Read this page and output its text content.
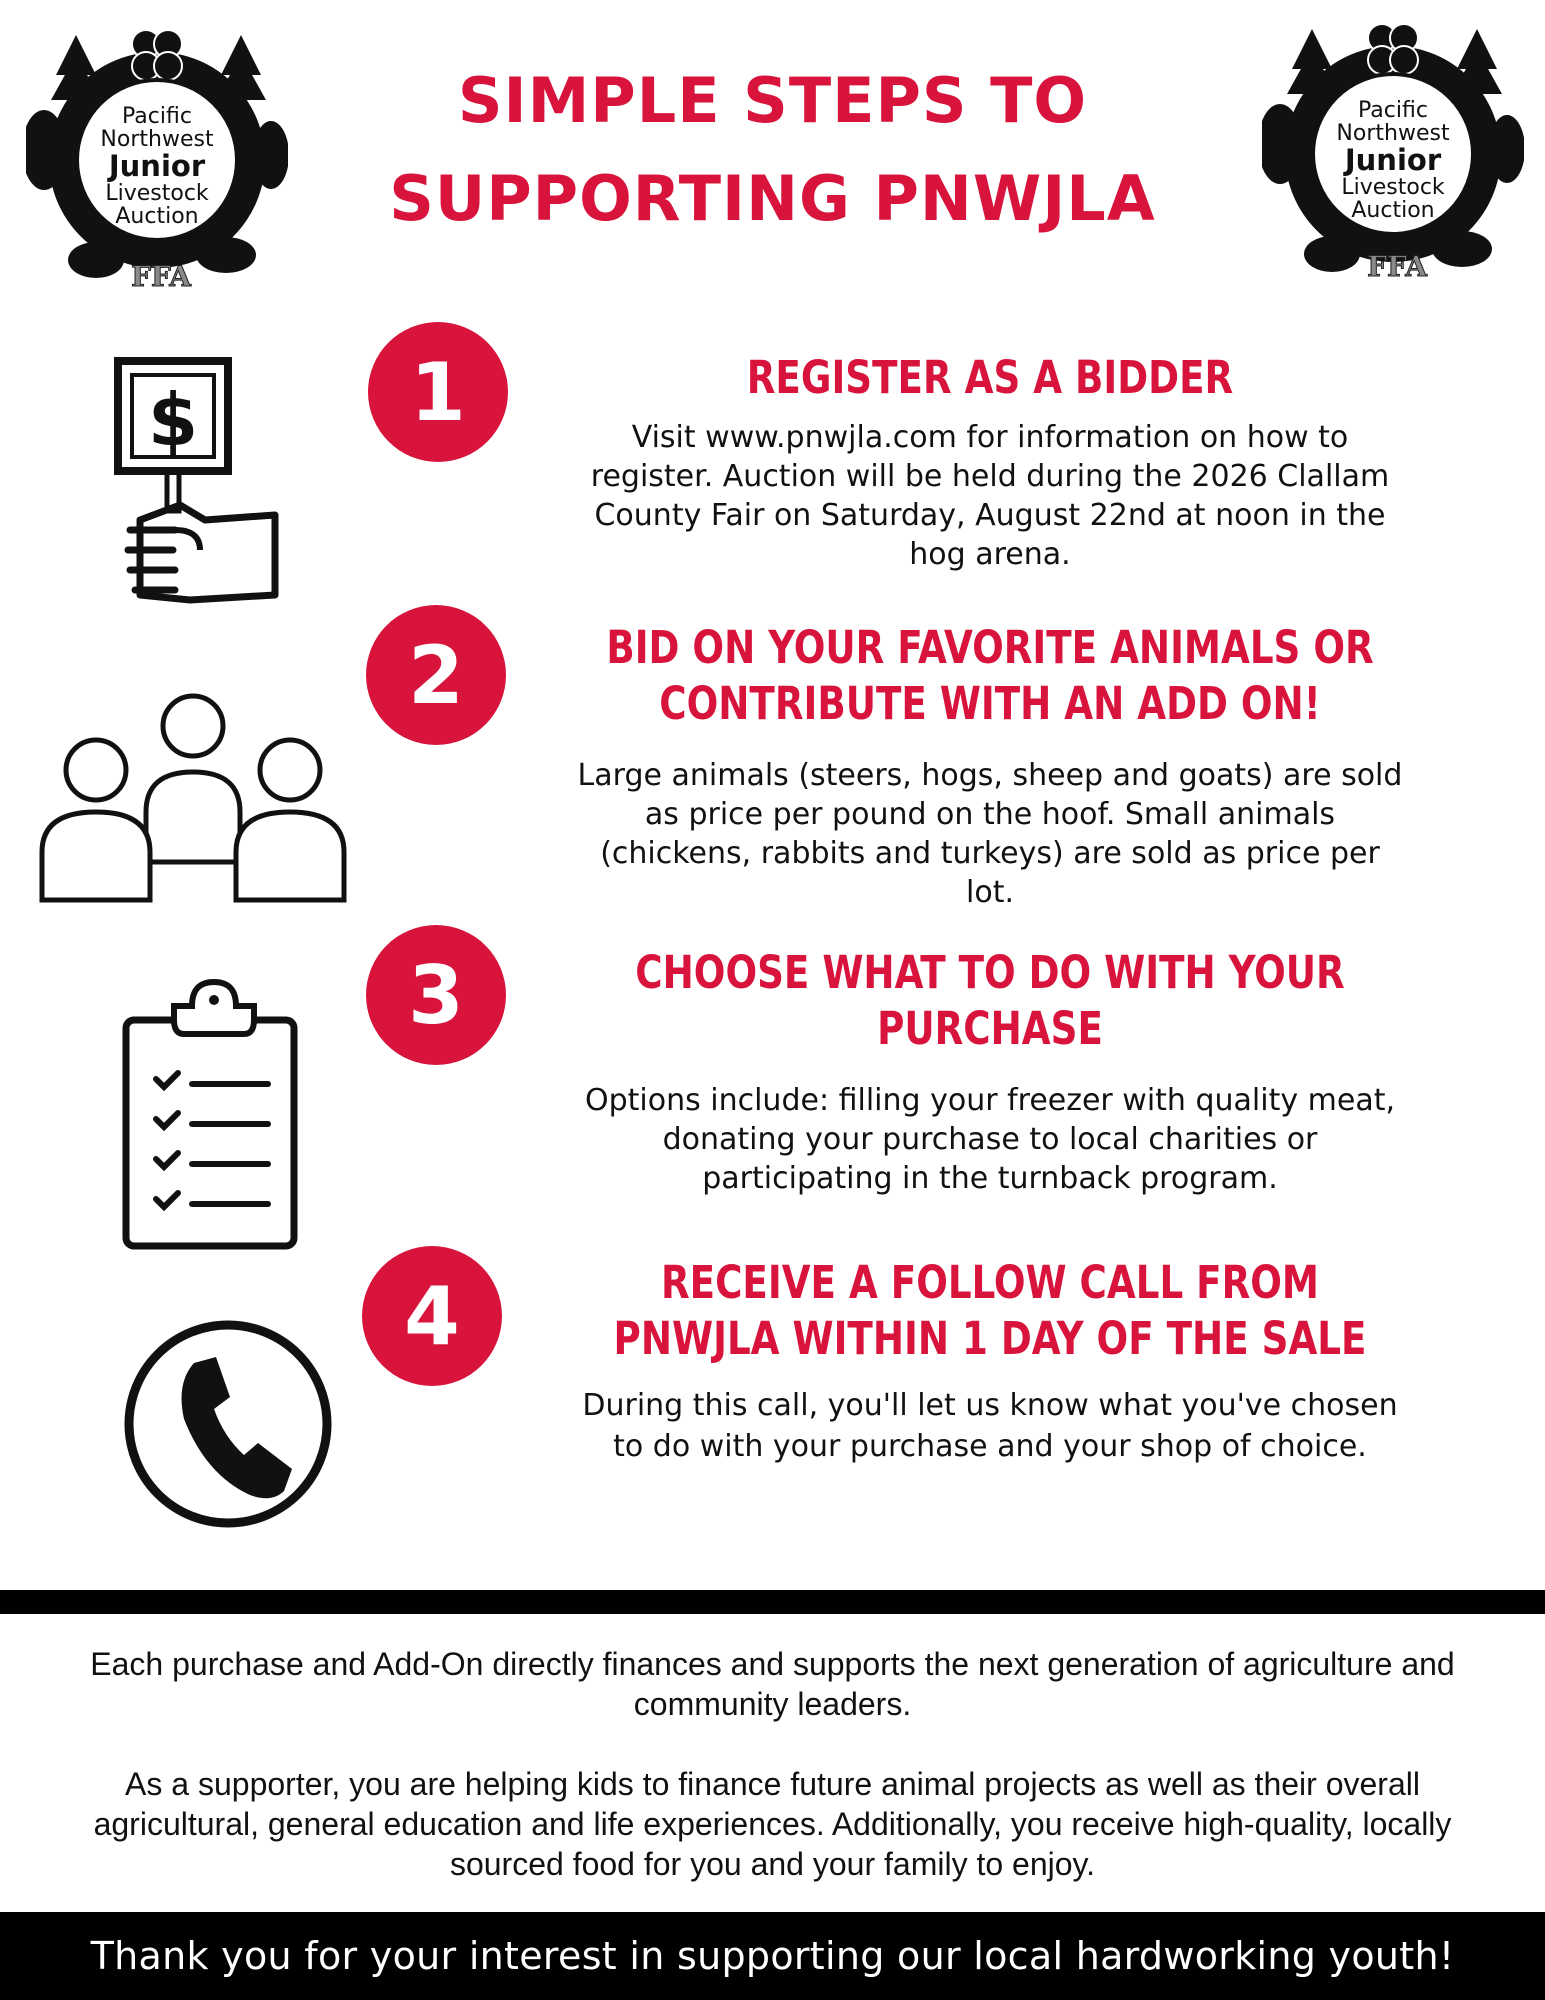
Pacific
Northwest
Junior
Livestock
Auction
FFA
Pacific
Northwest
Junior
Livestock
Auction
FFA
SIMPLE STEPS TO
SUPPORTING PNWJLA
$	1	REGISTER AS A BIDDER
Visit www.pnwjla.com for information on how to
register. Auction will be held during the 2026 Clallam
County Fair on Saturday, August 22nd at noon in the
hog arena.
2	BID ON YOUR FAVORITE ANIMALS OR
CONTRIBUTE WITH AN ADD ON!
Large animals (steers, hogs, sheep and goats) are sold
as price per pound on the hoof. Small animals
(chickens, rabbits and turkeys) are sold as price per
lot.
3	CHOOSE WHAT TO DO WITH YOUR
PURCHASE
Options include: filling your freezer with quality meat,
donating your purchase to local charities or
participating in the turnback program.
4	RECEIVE A FOLLOW CALL FROM
PNWJLA WITHIN 1 DAY OF THE SALE
During this call, you'll let us know what you've chosen
to do with your purchase and your shop of choice.
Each purchase and Add-On directly finances and supports the next generation of agriculture and
community leaders.
As a supporter, you are helping kids to finance future animal projects as well as their overall
agricultural, general education and life experiences. Additionally, you receive high-quality, locally
sourced food for you and your family to enjoy.
Thank you for your interest in supporting our local hardworking youth!
